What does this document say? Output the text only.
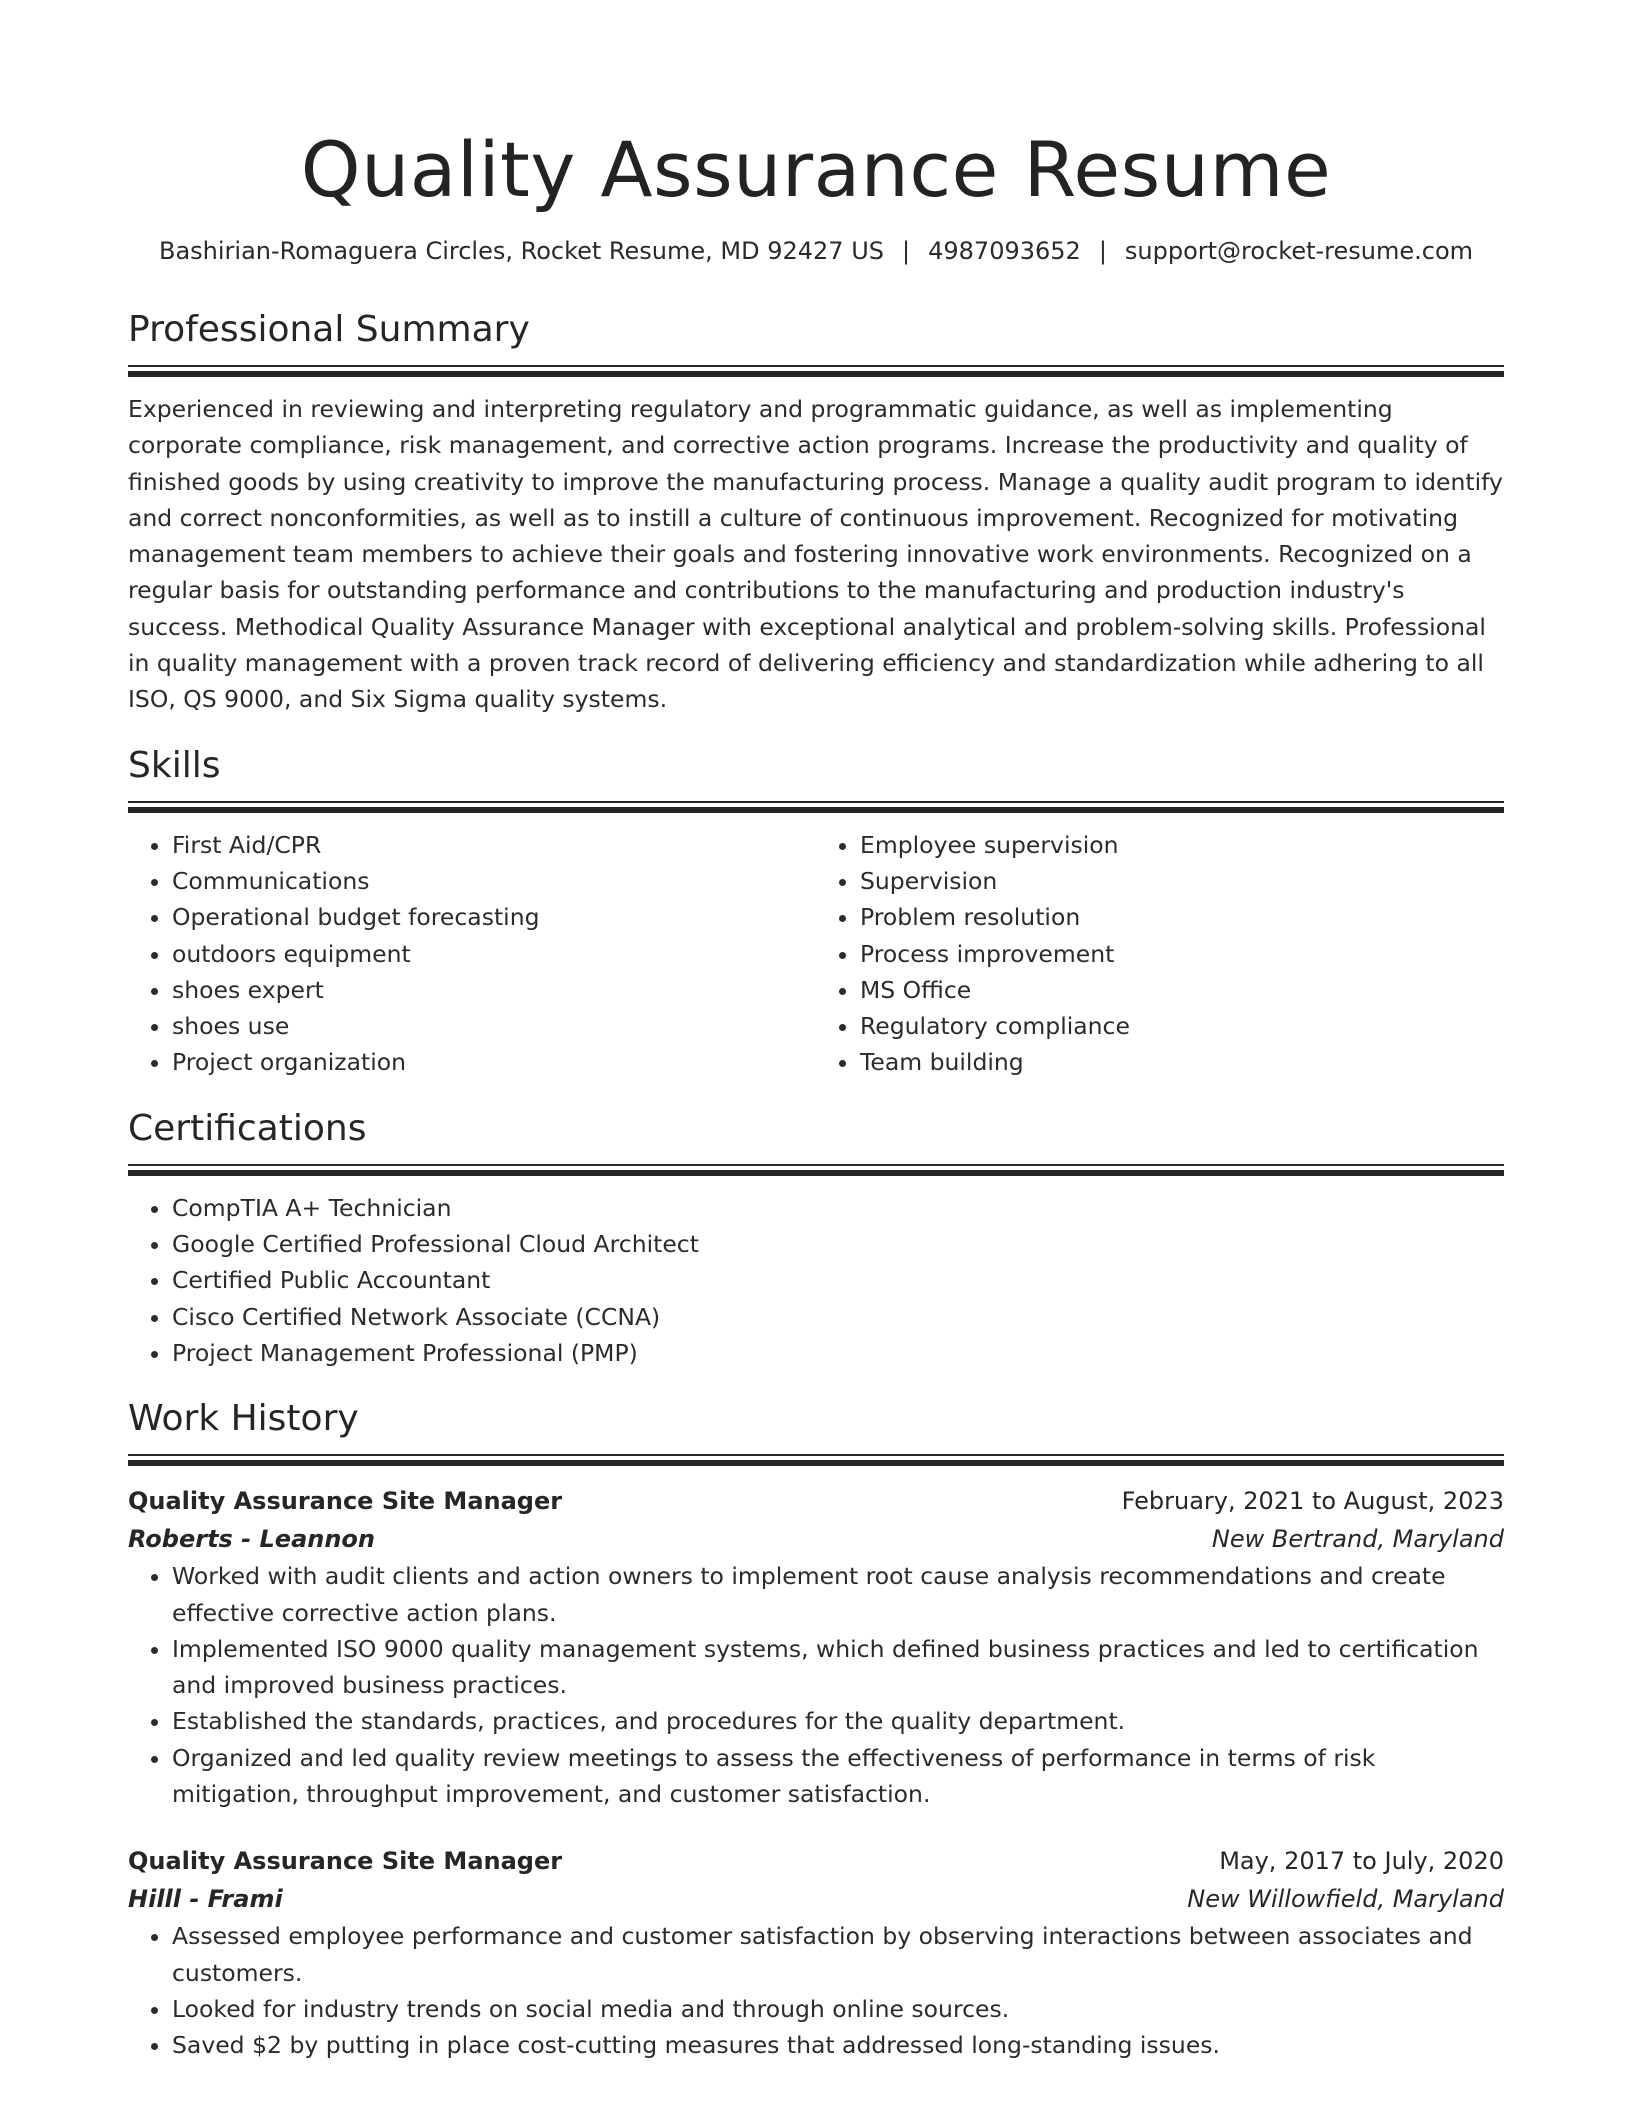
Quality Assurance Resume
Bashirian-Romaguera Circles, Rocket Resume, MD 92427 US | 4987093652 | support@rocket-resume.com
Professional Summary

Experienced in reviewing and interpreting regulatory and programmatic guidance, as well as implementing corporate compliance, risk management, and corrective action programs. Increase the productivity and quality of finished goods by using creativity to improve the manufacturing process. Manage a quality audit program to identify and correct nonconformities, as well as to instill a culture of continuous improvement. Recognized for motivating management team members to achieve their goals and fostering innovative work environments. Recognized on a regular basis for outstanding performance and contributions to the manufacturing and production industry's success. Methodical Quality Assurance Manager with exceptional analytical and problem-solving skills. Professional in quality management with a proven track record of delivering efficiency and standardization while adhering to all ISO, QS 9000, and Six Sigma quality systems.

Skills
• First Aid/CPR
• Communications
• Operational budget forecasting
• outdoors equipment
• shoes expert
• shoes use
• Project organization
• Employee supervision
• Supervision
• Problem resolution
• Process improvement
• MS Office
• Regulatory compliance
• Team building
Certifications
• CompTIA A+ Technician
• Google Certified Professional Cloud Architect
• Certified Public Accountant
• Cisco Certified Network Associate (CCNA)
• Project Management Professional (PMP)
Work History
Quality Assurance Site Manager	February, 2021 to August, 2023
Roberts - Leannon	New Bertrand, Maryland
• Worked with audit clients and action owners to implement root cause analysis recommendations and create effective corrective action plans.
• Implemented ISO 9000 quality management systems, which defined business practices and led to certification and improved business practices.
• Established the standards, practices, and procedures for the quality department.
• Organized and led quality review meetings to assess the effectiveness of performance in terms of risk mitigation, throughput improvement, and customer satisfaction.
Quality Assurance Site Manager	May, 2017 to July, 2020
Hilll - Frami	New Willowfield, Maryland
• Assessed employee performance and customer satisfaction by observing interactions between associates and customers.
• Looked for industry trends on social media and through online sources.
• Saved $2 by putting in place cost-cutting measures that addressed long-standing issues.
